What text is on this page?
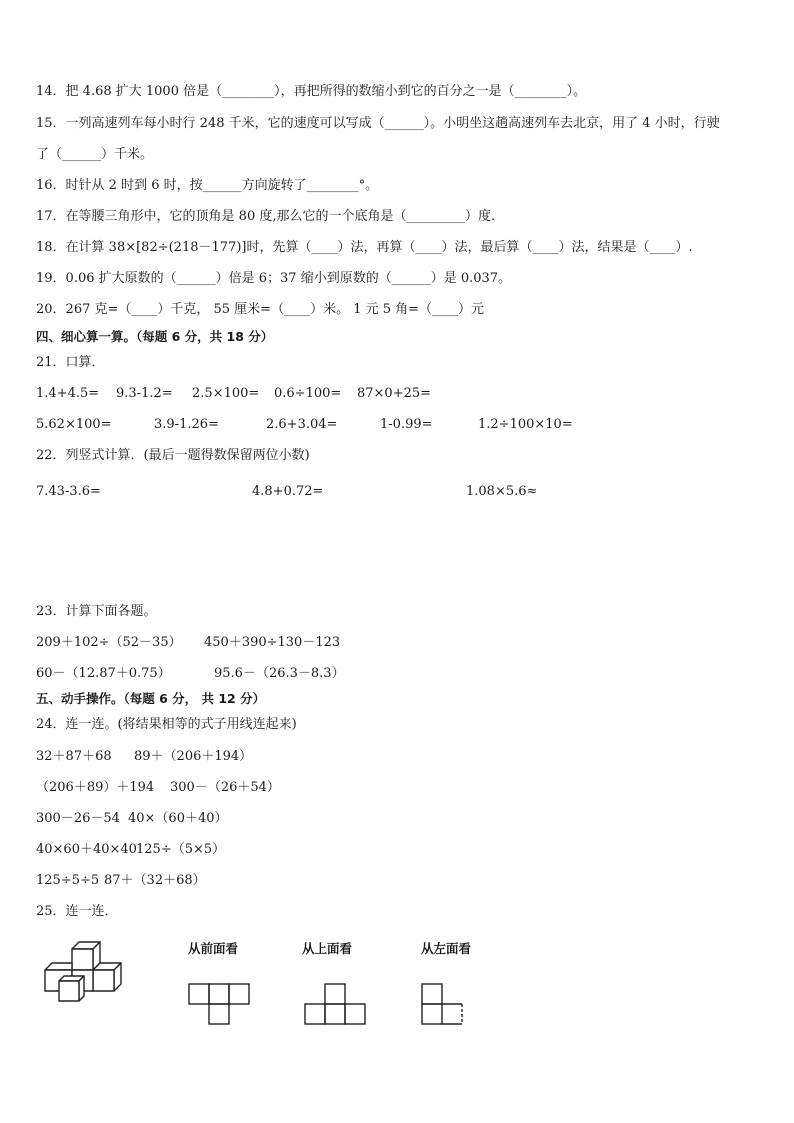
14．把 4.68 扩大 1000 倍是（________），再把所得的数缩小到它的百分之一是（________）。
15．一列高速列车每小时行 248 千米，它的速度可以写成（______）。小明坐这趟高速列车去北京，用了 4 小时，行驶
了（______）千米。
16．时针从 2 时到 6 时，按______方向旋转了________°。
17．在等腰三角形中，它的顶角是 80 度,那么它的一个底角是（_________）度．
18．在计算 38×[82÷(218－177)]时，先算（____）法，再算（____）法，最后算（____）法，结果是（____）.
19．0.06 扩大原数的（______）倍是 6；37 缩小到原数的（______）是 0.037。
20．267 克=（____）千克， 55 厘米=（____）米。 1 元 5 角=（____）元
四、细心算一算。（每题 6 分，共 18 分）
21．口算．
1.4+4.5= 9.3-1.2= 2.5×100= 0.6÷100= 87×0+25=
5.62×100=	3.9-1.26=	2.6+3.04=	1-0.99=	1.2÷100×10=
22．列竖式计算．(最后一题得数保留两位小数)
7.43-3.6=	4.8+0.72=	1.08×5.6≈
23．计算下面各题。
209＋102÷（52－35） 450＋390÷130－123
60－（12.87＋0.75）	95.6－（26.3－8.3）
五、动手操作。（每题 6 分， 共 12 分）
24．连一连。(将结果相等的式子用线连起来)
32＋87＋68 89＋（206＋194）
（206＋89）＋194 300－（26＋54）
300－26－54 40×（60＋40）
40×60＋40×40 125÷（5×5）
125÷5÷5 87＋（32＋68）
25．连一连．
从前面看	从上面看	从左面看
